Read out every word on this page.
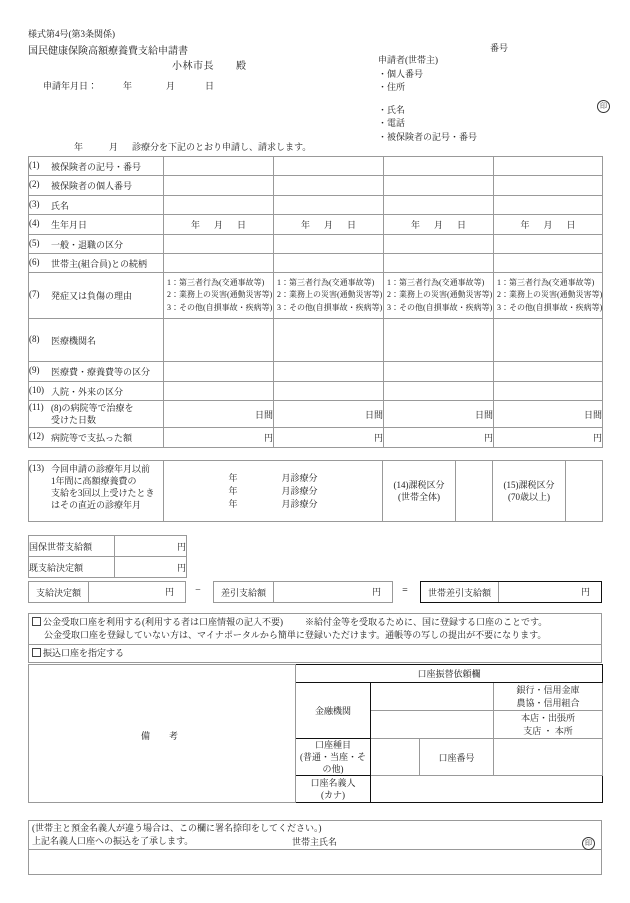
様式第4号(第3条関係)
国民健康保険高額療養費支給申請書
小林市長 殿
番号
申請年月日：	年	月	日
申請者(世帯主)
・個人番号
・住所
・氏名
・電話
・被保険者の記号・番号
印
年	月 診療分を下記のとおり申請し、請求します。
(1) 被保険者の記号・番号				
(2) 被保険者の個人番号	

(3) 氏名				
(4) 生年月日	年 月 日	年 月 日	年 月 日	年 月 日
(5) 一般・退職の区分				
(6) 世帯主(組合員)との続柄				
(7) 発症又は負傷の理由	
1：第三者行為(交通事故等)
2：業務上の災害(通勤災害等)
3：その他(自損事故・疾病等)

1：第三者行為(交通事故等)
2：業務上の災害(通勤災害等)
3：その他(自損事故・疾病等)

1：第三者行為(交通事故等)
2：業務上の災害(通勤災害等)
3：その他(自損事故・疾病等)

1：第三者行為(交通事故等)
2：業務上の災害(通勤災害等)
3：その他(自損事故・疾病等)

(8) 医療機関名				
(9) 医療費・療養費等の区分				
(10) 入院・外来の区分				
(11) (8)の病院等で治療を
受けた日数	日間	日間	日間	日間
(12) 病院等で支払った額	円	円	円	円
(13) 今回申請の診療年月以前
1年間に高額療養費の
支給を3回以上受けたとき
はその直近の診療年月

年	月診療分
年	月診療分
年	月診療分

(14)課税区分
(世帯全体)

(15)課税区分
(70歳以上)

国保世帯支給額	円
既支給決定額	円
支給決定額	円	−	差引支給額	円	=	世帯差引支給額	円
公金受取口座を利用する(利用する者は口座情報の記入不要) ※給付金等を受取るために、国に登録する口座のことです。
公金受取口座を登録していない方は、マイナポータルから簡単に登録いただけます。通帳等の写しの提出が不要になります。

振込口座を指定する
備　考	口座振替依頼欄			
	金融機関			銀行・信用金庫
農協・信用組合

				本店・出張所
支店 ・ 本所

	口座種目
(普通・当座・その他)		口座番号	

	口座名義人
(カナ)			

(世帯主と預金名義人が違う場合は、この欄に署名捺印をしてください。)
上記名義人口座への振込を了承します。	世帯主氏名	印
